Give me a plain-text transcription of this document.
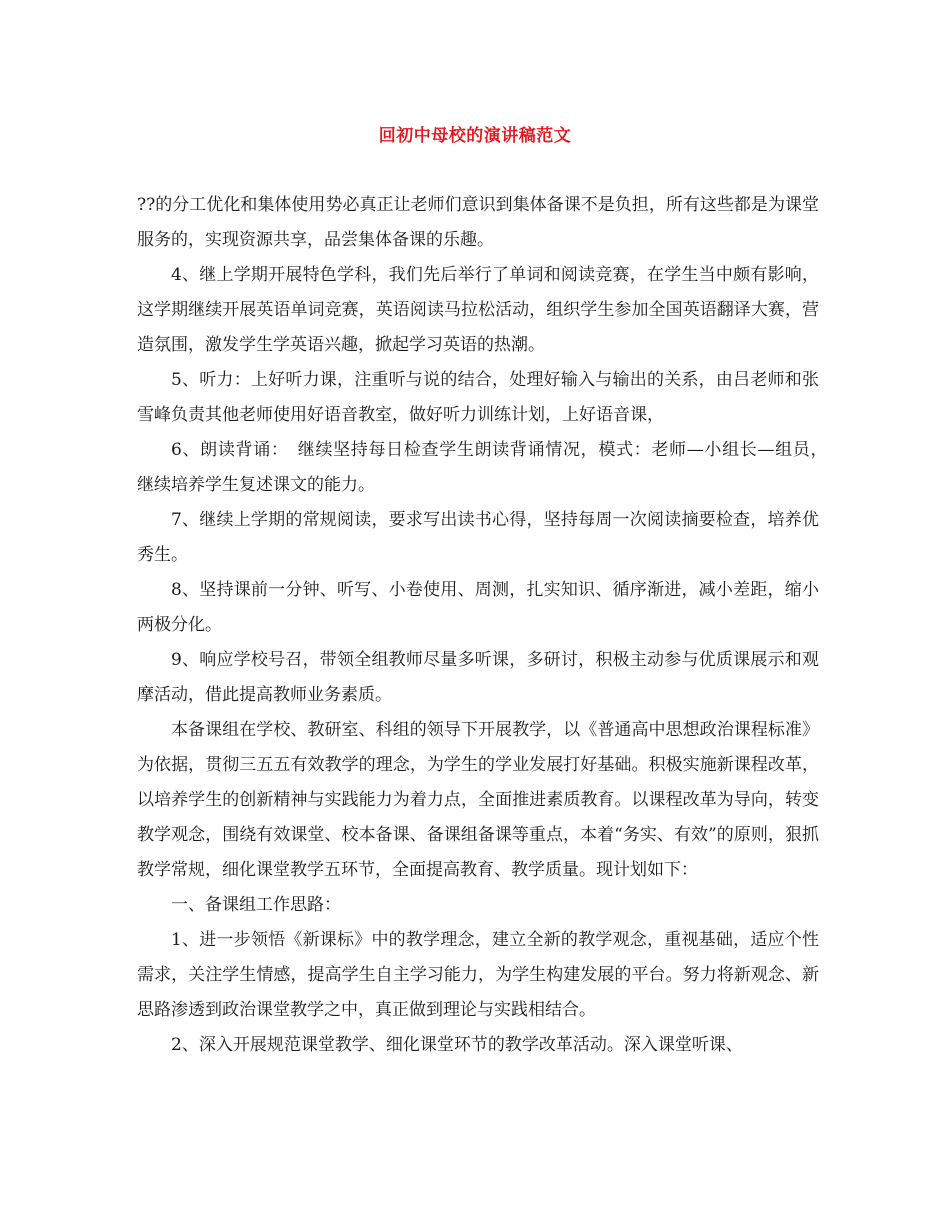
回初中母校的演讲稿范文

??的分工优化和集体使用势必真正让老师们意识到集体备课不是负担，所有这些都是为课堂服务的，实现资源共享，品尝集体备课的乐趣。

4、继上学期开展特色学科，我们先后举行了单词和阅读竞赛，在学生当中颇有影响，这学期继续开展英语单词竞赛，英语阅读马拉松活动，组织学生参加全国英语翻译大赛，营造氛围，激发学生学英语兴趣，掀起学习英语的热潮。

5、听力：上好听力课，注重听与说的结合，处理好输入与输出的关系，由吕老师和张雪峰负责其他老师使用好语音教室，做好听力训练计划，上好语音课，

6、朗读背诵：　继续坚持每日检查学生朗读背诵情况，模式：老师—小组长—组员，　继续培养学生复述课文的能力。

7、继续上学期的常规阅读，要求写出读书心得，坚持每周一次阅读摘要检查，培养优秀生。

8、坚持课前一分钟、听写、小卷使用、周测，扎实知识、循序渐进，减小差距，缩小两极分化。

9、响应学校号召，带领全组教师尽量多听课，多研讨，积极主动参与优质课展示和观摩活动，借此提高教师业务素质。

本备课组在学校、教研室、科组的领导下开展教学，以《普通高中思想政治课程标准》为依据，贯彻三五五有效教学的理念，为学生的学业发展打好基础。积极实施新课程改革，以培养学生的创新精神与实践能力为着力点，全面推进素质教育。以课程改革为导向，转变教学观念，围绕有效课堂、校本备课、备课组备课等重点，本着“务实、有效”的原则，狠抓教学常规，细化课堂教学五环节，全面提高教育、教学质量。现计划如下：

一、备课组工作思路：

1、进一步领悟《新课标》中的教学理念，建立全新的教学观念，重视基础，适应个性需求，关注学生情感，提高学生自主学习能力，为学生构建发展的平台。努力将新观念、新思路渗透到政治课堂教学之中，真正做到理论与实践相结合。

2、深入开展规范课堂教学、细化课堂环节的教学改革活动。深入课堂听课、
